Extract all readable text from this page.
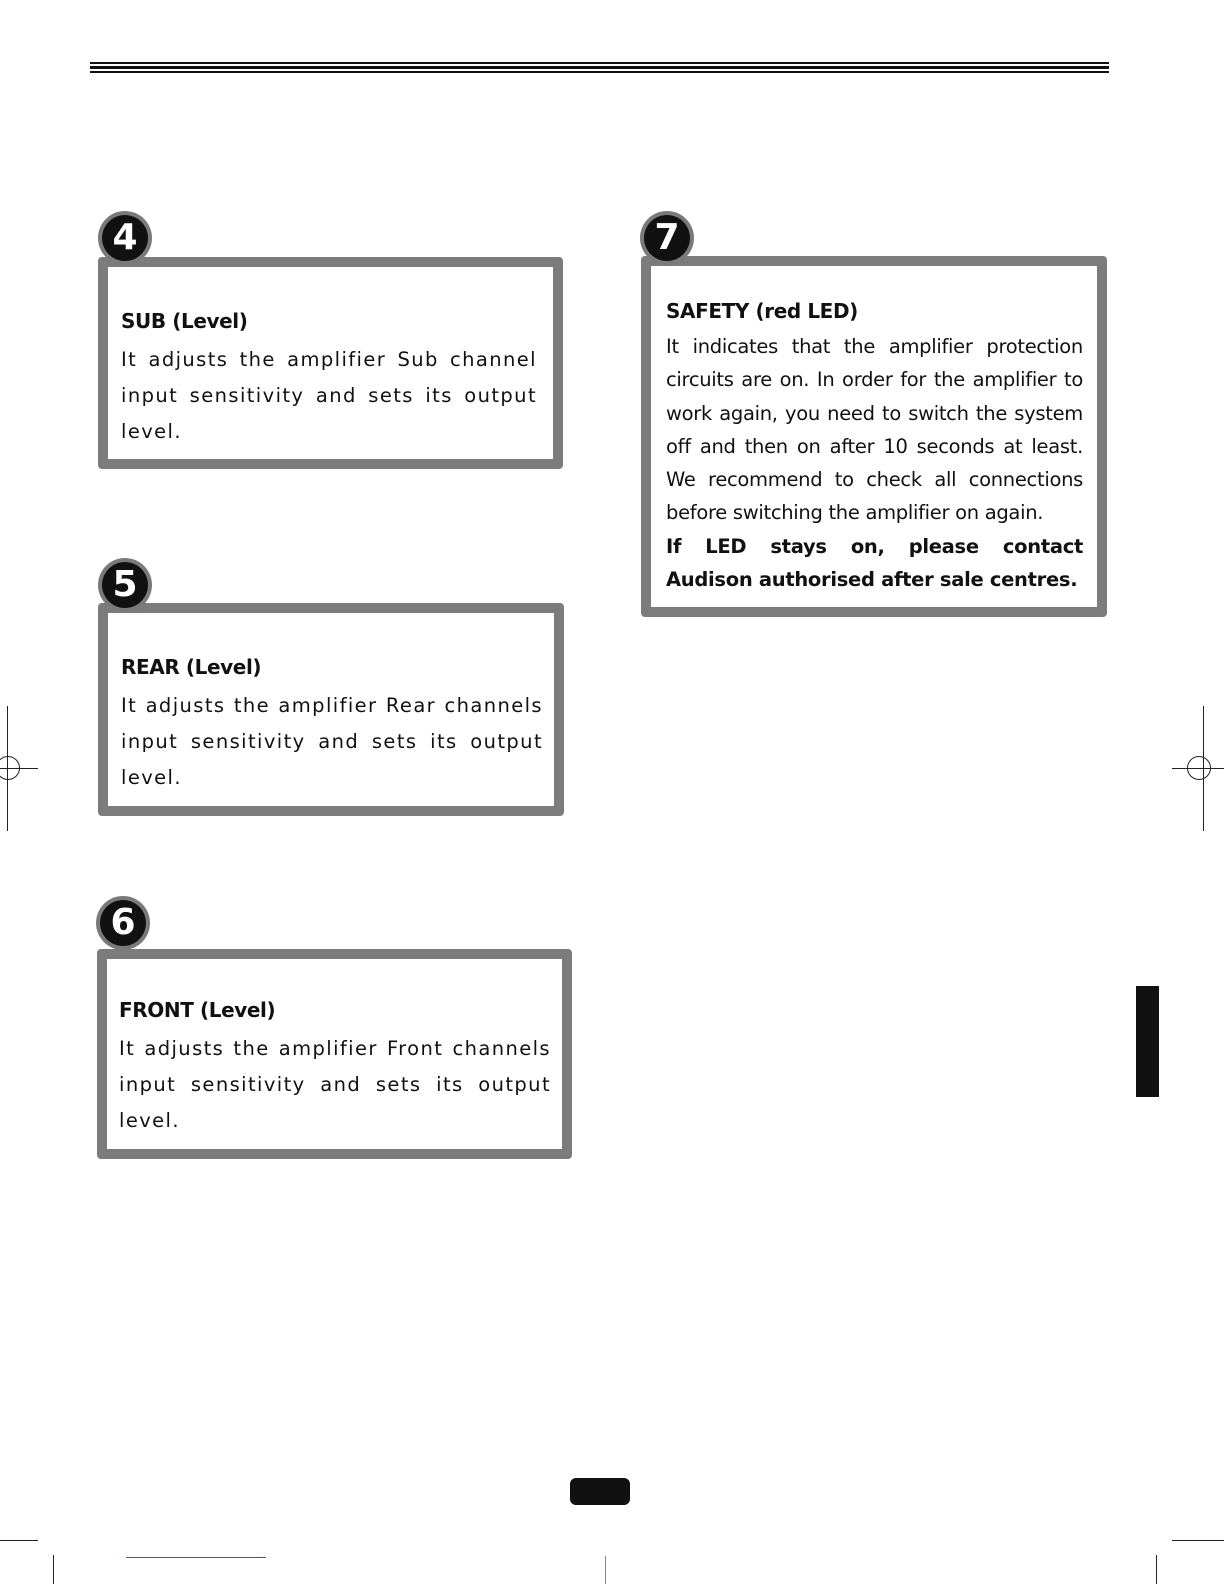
4
SUB (Level)
It adjusts the amplifier Sub channel input sensitivity and sets its output level.
5
REAR (Level)
It adjusts the amplifier Rear channels input sensitivity and sets its output level.
6
FRONT (Level)
It adjusts the amplifier Front channels input sensitivity and sets its output level.
7
SAFETY (red LED)
It indicates that the amplifier protection circuits are on. In order for the amplifier to work again, you need to switch the system off and then on after 10 seconds at least. We recommend to check all connections before switching the amplifier on again.
If LED stays on, please contact Audison authorised after sale centres.
